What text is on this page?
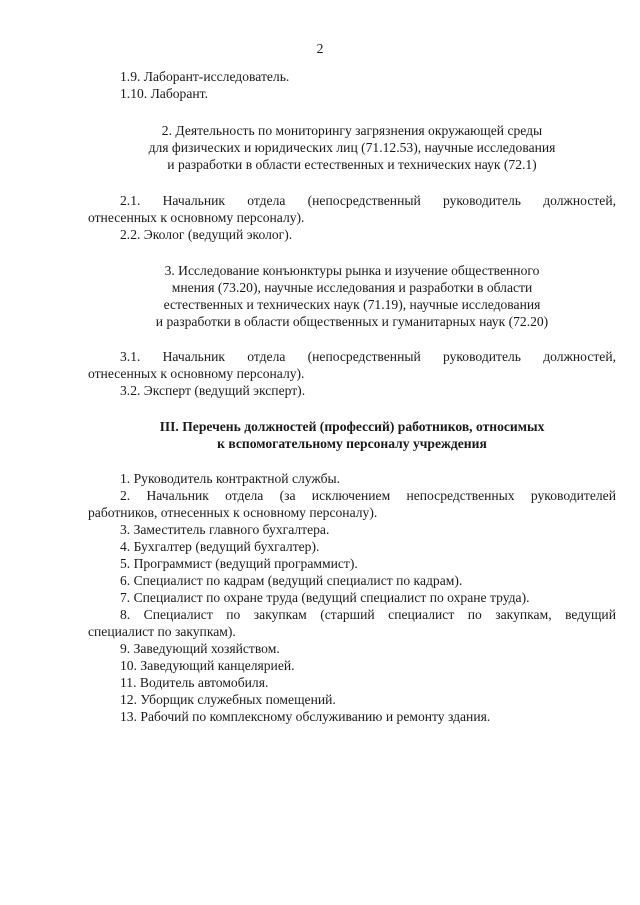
2

1.9. Лаборант-исследователь.

1.10. Лаборант.

2. Деятельность по мониторингу загрязнения окружающей среды

для физических и юридических лиц (71.12.53), научные исследования

и разработки в области естественных и технических наук (72.1)

2.1. Начальник отдела (непосредственный руководитель должностей,

отнесенных к основному персоналу).

2.2. Эколог (ведущий эколог).

3. Исследование конъюнктуры рынка и изучение общественного

мнения (73.20), научные исследования и разработки в области

естественных и технических наук (71.19), научные исследования

и разработки в области общественных и гуманитарных наук (72.20)

3.1. Начальник отдела (непосредственный руководитель должностей,

отнесенных к основному персоналу).

3.2. Эксперт (ведущий эксперт).

III. Перечень должностей (профессий) работников, относимых

к вспомогательному персоналу учреждения

1. Руководитель контрактной службы.

2. Начальник отдела (за исключением непосредственных руководителей

работников, отнесенных к основному персоналу).

3. Заместитель главного бухгалтера.

4. Бухгалтер (ведущий бухгалтер).

5. Программист (ведущий программист).

6. Специалист по кадрам (ведущий специалист по кадрам).

7. Специалист по охране труда (ведущий специалист по охране труда).

8. Специалист по закупкам (старший специалист по закупкам, ведущий

специалист по закупкам).

9. Заведующий хозяйством.

10. Заведующий канцелярией.

11. Водитель автомобиля.

12. Уборщик служебных помещений.

13. Рабочий по комплексному обслуживанию и ремонту здания.
